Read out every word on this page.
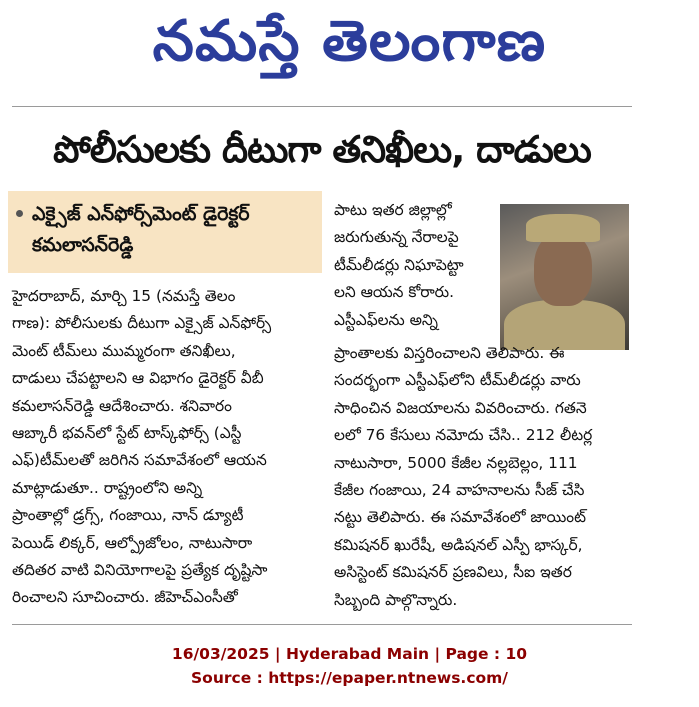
నమస్తే తెలంగాణ
పోలీసులకు దీటుగా తనిఖీలు, దాడులు
ఎక్సైజ్ ఎన్‌ఫోర్స్‌మెంట్ డైరెక్టర్
కమలాసన్‌రెడ్డి
హైదరాబాద్, మార్చి 15 (నమస్తే తెలం
గాణ): పోలీసులకు దీటుగా ఎక్సైజ్ ఎన్‌ఫోర్స్
మెంట్ టీమ్‌లు ముమ్మరంగా తనిఖీలు,
దాడులు చేపట్టాలని ఆ విభాగం డైరెక్టర్ వీబీ
కమలాసన్‌రెడ్డి ఆదేశించారు. శనివారం
ఆబ్కారీ భవన్‌లో స్టేట్ టాస్క్‌ఫోర్స్ (ఎస్టీ
ఎఫ్)టీమ్‌లతో జరిగిన సమావేశంలో ఆయన
మాట్లాడుతూ.. రాష్ట్రంలోని అన్ని
ప్రాంతాల్లో డ్రగ్స్, గంజాయి, నాన్ డ్యూటీ
పెయిడ్ లిక్కర్, ఆల్ప్రోజోలం, నాటుసారా
తదితర వాటి వినియోగాలపై ప్రత్యేక దృష్టిసా
రించాలని సూచించారు. జీహెచ్ఎంసీతో
పాటు ఇతర జిల్లాల్లో
జరుగుతున్న నేరాలపై
టీమ్‌లీడర్లు నిఘాపెట్టా
లని ఆయన కోరారు.
ఎస్టీఎఫ్‌లను అన్ని
ప్రాంతాలకు విస్తరించాలని తెలిపారు. ఈ
సందర్భంగా ఎస్టీఎఫ్‌లోని టీమ్‌లీడర్లు వారు
సాధించిన విజయాలను వివరించారు. గతనె
లలో 76 కేసులు నమోదు చేసి.. 212 లీటర్ల
నాటుసారా, 5000 కేజీల నల్లబెల్లం, 111
కేజీల గంజాయి, 24 వాహనాలను సీజ్ చేసి
నట్టు తెలిపారు. ఈ సమావేశంలో జాయింట్
కమిషనర్ ఖురేషీ, అడిషనల్ ఎస్పీ భాస్కర్,
అసిస్టెంట్ కమిషనర్ ప్రణవిలు, సీఐ ఇతర
సిబ్బంది పాల్గొన్నారు.
16/03/2025 | Hyderabad Main | Page : 10
Source : https://epaper.ntnews.com/
